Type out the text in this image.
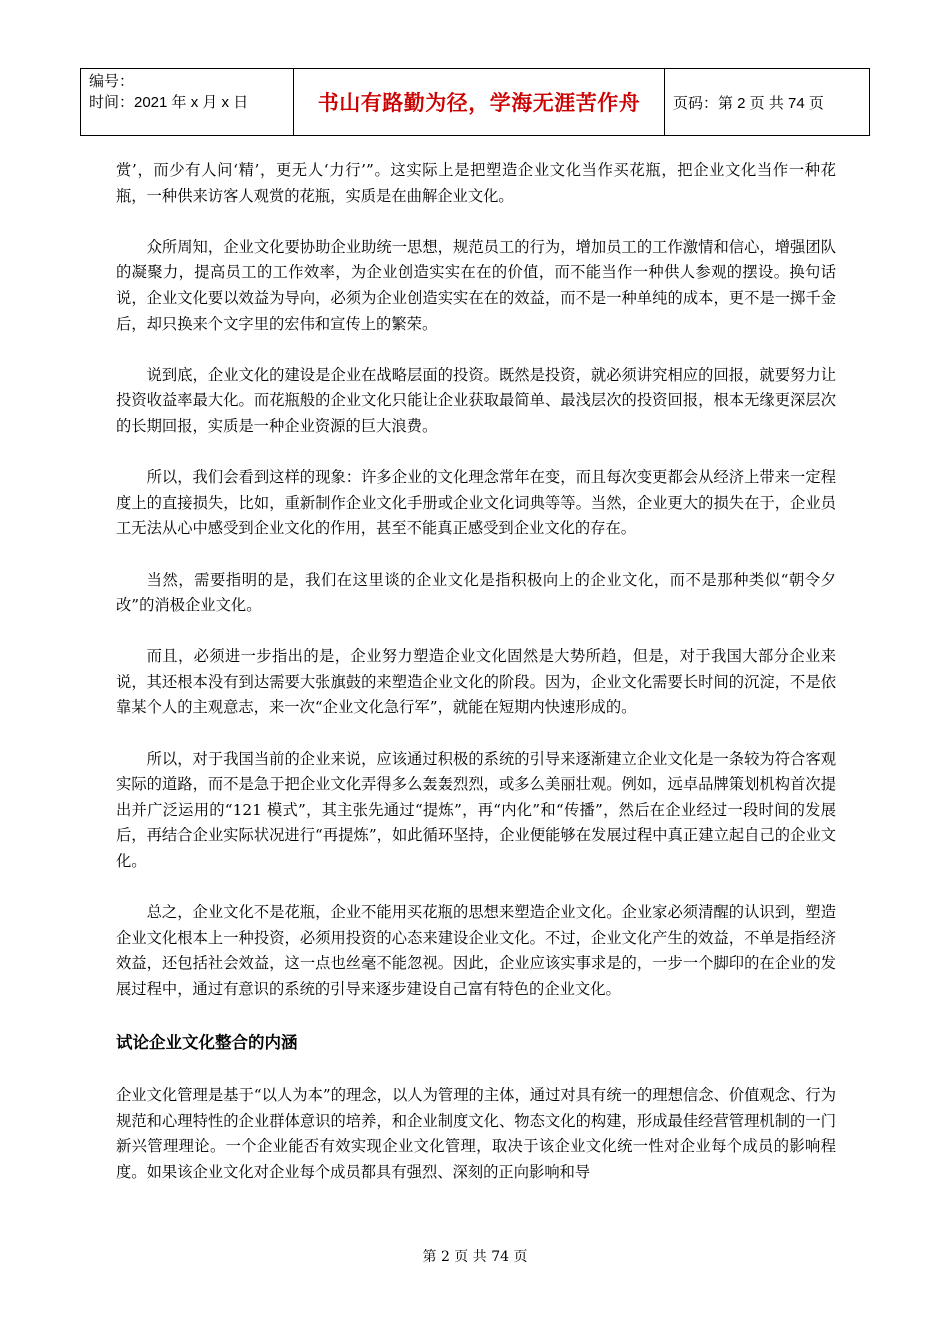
编号：
时间：2021 年 x 月 x 日	书山有路勤为径，学海无涯苦作舟	页码：第 2 页 共 74 页

赏’，而少有人问‘精’，更无人‘力行’”。这实际上是把塑造企业文化当作买花瓶，把企业文化当作一种花瓶，一种供来访客人观赏的花瓶，实质是在曲解企业文化。

众所周知，企业文化要协助企业助统一思想，规范员工的行为，增加员工的工作激情和信心，增强团队的凝聚力，提高员工的工作效率，为企业创造实实在在的价值，而不能当作一种供人参观的摆设。换句话说，企业文化要以效益为导向，必须为企业创造实实在在的效益，而不是一种单纯的成本，更不是一掷千金后，却只换来个文字里的宏伟和宣传上的繁荣。

说到底，企业文化的建设是企业在战略层面的投资。既然是投资，就必须讲究相应的回报，就要努力让投资收益率最大化。而花瓶般的企业文化只能让企业获取最简单、最浅层次的投资回报，根本无缘更深层次的长期回报，实质是一种企业资源的巨大浪费。

所以，我们会看到这样的现象：许多企业的文化理念常年在变，而且每次变更都会从经济上带来一定程度上的直接损失，比如，重新制作企业文化手册或企业文化词典等等。当然，企业更大的损失在于，企业员工无法从心中感受到企业文化的作用，甚至不能真正感受到企业文化的存在。

当然，需要指明的是，我们在这里谈的企业文化是指积极向上的企业文化，而不是那种类似“朝令夕改”的消极企业文化。

而且，必须进一步指出的是，企业努力塑造企业文化固然是大势所趋，但是，对于我国大部分企业来说，其还根本没有到达需要大张旗鼓的来塑造企业文化的阶段。因为，企业文化需要长时间的沉淀，不是依靠某个人的主观意志，来一次“企业文化急行军”，就能在短期内快速形成的。

所以，对于我国当前的企业来说，应该通过积极的系统的引导来逐渐建立企业文化是一条较为符合客观实际的道路，而不是急于把企业文化弄得多么轰轰烈烈，或多么美丽壮观。例如，远卓品牌策划机构首次提出并广泛运用的“121 模式”，其主张先通过“提炼”，再“内化”和“传播”，然后在企业经过一段时间的发展后，再结合企业实际状况进行“再提炼”，如此循环坚持，企业便能够在发展过程中真正建立起自己的企业文化。

总之，企业文化不是花瓶，企业不能用买花瓶的思想来塑造企业文化。企业家必须清醒的认识到，塑造企业文化根本上一种投资，必须用投资的心态来建设企业文化。不过，企业文化产生的效益，不单是指经济效益，还包括社会效益，这一点也丝毫不能忽视。因此，企业应该实事求是的，一步一个脚印的在企业的发展过程中，通过有意识的系统的引导来逐步建设自己富有特色的企业文化。

试论企业文化整合的内涵

企业文化管理是基于“以人为本”的理念，以人为管理的主体，通过对具有统一的理想信念、价值观念、行为规范和心理特性的企业群体意识的培养，和企业制度文化、物态文化的构建，形成最佳经营管理机制的一门新兴管理理论。一个企业能否有效实现企业文化管理，取决于该企业文化统一性对企业每个成员的影响程度。如果该企业文化对企业每个成员都具有强烈、深刻的正向影响和导

第 2 页 共 74 页
